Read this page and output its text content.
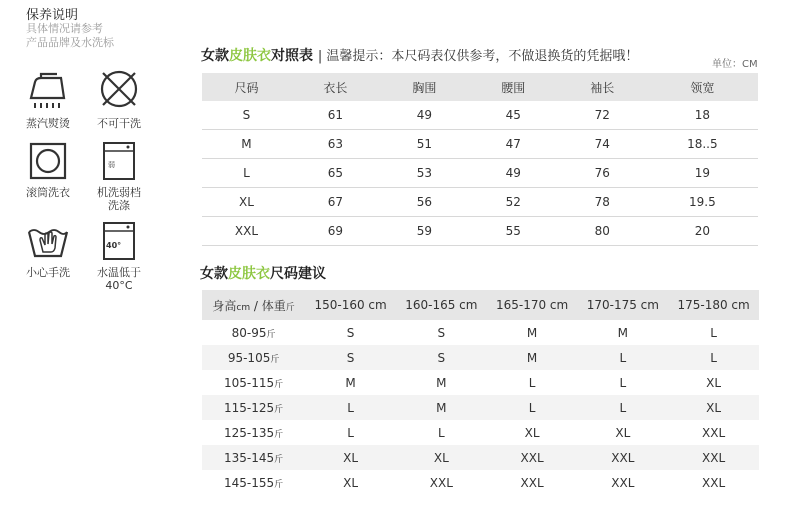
保养说明
具体情况请参考
产品品牌及水洗标
蒸汽熨烫	不可干洗
滚筒洗衣
弱
机洗弱档
洗涤
小心手洗
40°
水温低于
40°C
女款皮肤衣对照表 | 温馨提示：本尺码表仅供参考，不做退换货的凭据哦！
单位：CM
尺码	衣长	胸围	腰围	袖长	领宽
S	61	49	45	72	18
M	63	51	47	74	18..5
L	65	53	49	76	19
XL	67	56	52	78	19.5
XXL	69	59	55	80	20
女款皮肤衣尺码建议
身高cm / 体重斤	150-160 cm	160-165 cm	165-170 cm	170-175 cm	175-180 cm
80-95斤	S	S	M	M	L
95-105斤	S	S	M	L	L
105-115斤	M	M	L	L	XL
115-125斤	L	M	L	L	XL
125-135斤	L	L	XL	XL	XXL
135-145斤	XL	XL	XXL	XXL	XXL
145-155斤	XL	XXL	XXL	XXL	XXL
